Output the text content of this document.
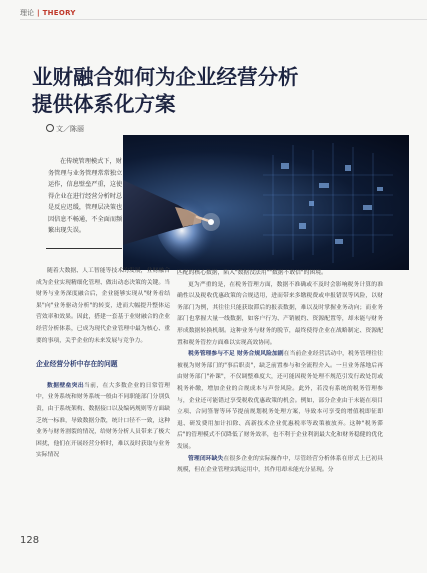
理论 | THEORY
业财融合如何为企业经营分析
提供体系化方案
文／陈丽

在传统管理模式下，财务管理与业务管理常常独立运作，信息壁垒严重，这使得企业在进行经营分析时总是反应迟缓，管理层决策也因信息不畅通，不全面而频繁出现失误。

随着大数据、人工智能等技术的发展，业财融合成为企业实现精细化管理、做出动态决策的关键。当财务与业务深度融合后，企业能够实现从"财务看结果"向"业务驱动分析"的转变，进而大幅提升整体运营效率和效果。因此，搭建一套基于业财融合的企业经营分析体系，已成为现代企业管理中最为核心、重要的事项，关乎企业的未来发展与竞争力。

企业经营分析中存在的问题

数据壁垒突出当前，在大多数企业的日常管理中，业务系统和财务系统一般由不同职能部门分别负责，由于系统架构、数据接口以及编码规则等方面缺乏统一标准，导致数据分散，统计口径不一致，这种业务与财务割裂的情况，给财务分析人员带来了极大困扰，他们在开展经营分析时，难以及时获取与业务实际情况

匹配的核心数据，陷入"数据没法用""数据不敢信"的困境。

更为严重的是，在税务管理方面，数据不准确或不及时会影响税务计算的准确性以及税收优惠政策的合规适用，进而带来多缴税费或申报错误等风险，以财务部门为例，其往往只能获取滞后的报表数据，难以及时掌握业务动向；而业务部门也掌握大量一线数据，如客户行为、产销履约、资源配置等，却未能与财务形成数据转换机制。这种业务与财务的脱节，最终使得企业在战略制定、资源配置和税务管控方面难以实现高效协同。

税务管理参与不足 财务合规风险加剧在当前企业经营活动中，税务管理往往被视为财务部门的"事后职责"，缺乏前置参与和全流程介入。一旦业务落地后再由财务部门"补课"，不仅调整难度大，还可能因税务处理不规范引发行政处罚或税务补缴，增加企业的合规成本与声誉风险。此外，若没有系统的税务管理参与，企业还可能错过享受税收优惠政策的机会。例如，部分企业由于未能在项目立项、合同签署等环节提前规划税务处理方案，导致本可享受的增值税即征即退、研发费用加计扣除、高新技术企业优惠税率等政策被放弃。这种"税务滞后"的管理模式不仅降低了财务效率，也不利于企业利润最大化和财务稳健的优化发展。

管理闭环缺失在很多企业的实际操作中，尽管经营分析体系在形式上已初具规模，但在企业管理实践运用中，其作用却未能充分显现。分

128
